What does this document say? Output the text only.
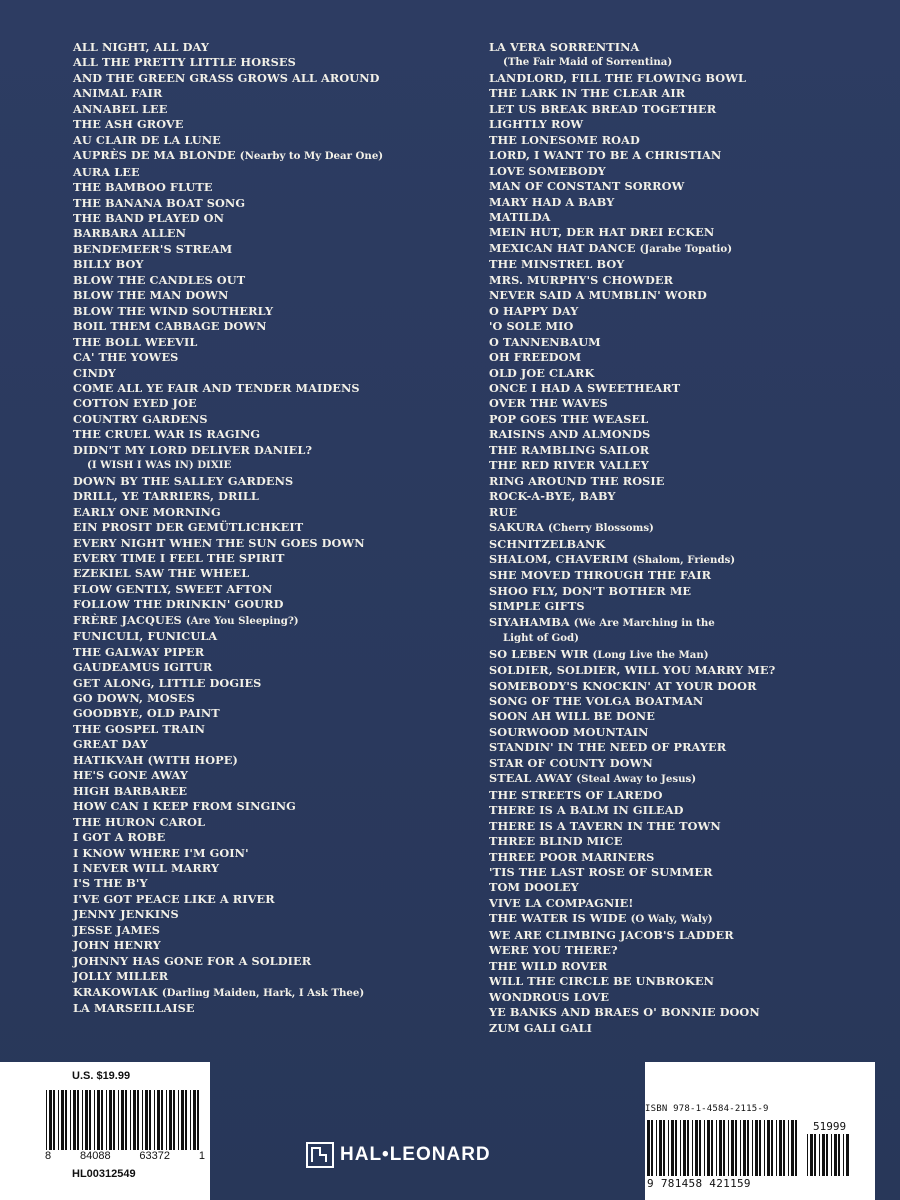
ALL NIGHT, ALL DAY
ALL THE PRETTY LITTLE HORSES
AND THE GREEN GRASS GROWS ALL AROUND
ANIMAL FAIR
ANNABEL LEE
THE ASH GROVE
AU CLAIR DE LA LUNE
AUPRÈS DE MA BLONDE (Nearby to My Dear One)
AURA LEE
THE BAMBOO FLUTE
THE BANANA BOAT SONG
THE BAND PLAYED ON
BARBARA ALLEN
BENDEMEER'S STREAM
BILLY BOY
BLOW THE CANDLES OUT
BLOW THE MAN DOWN
BLOW THE WIND SOUTHERLY
BOIL THEM CABBAGE DOWN
THE BOLL WEEVIL
CA' THE YOWES
CINDY
COME ALL YE FAIR AND TENDER MAIDENS
COTTON EYED JOE
COUNTRY GARDENS
THE CRUEL WAR IS RAGING
DIDN'T MY LORD DELIVER DANIEL?
(I WISH I WAS IN) DIXIE
DOWN BY THE SALLEY GARDENS
DRILL, YE TARRIERS, DRILL
EARLY ONE MORNING
EIN PROSIT DER GEMÜTLICHKEIT
EVERY NIGHT WHEN THE SUN GOES DOWN
EVERY TIME I FEEL THE SPIRIT
EZEKIEL SAW THE WHEEL
FLOW GENTLY, SWEET AFTON
FOLLOW THE DRINKIN' GOURD
FRÈRE JACQUES (Are You Sleeping?)
FUNICULI, FUNICULA
THE GALWAY PIPER
GAUDEAMUS IGITUR
GET ALONG, LITTLE DOGIES
GO DOWN, MOSES
GOODBYE, OLD PAINT
THE GOSPEL TRAIN
GREAT DAY
HATIKVAH (WITH HOPE)
HE'S GONE AWAY
HIGH BARBAREE
HOW CAN I KEEP FROM SINGING
THE HURON CAROL
I GOT A ROBE
I KNOW WHERE I'M GOIN'
I NEVER WILL MARRY
I'S THE B'Y
I'VE GOT PEACE LIKE A RIVER
JENNY JENKINS
JESSE JAMES
JOHN HENRY
JOHNNY HAS GONE FOR A SOLDIER
JOLLY MILLER
KRAKOWIAK (Darling Maiden, Hark, I Ask Thee)
LA MARSEILLAISE
LA VERA SORRENTINA
(The Fair Maid of Sorrentina)
LANDLORD, FILL THE FLOWING BOWL
THE LARK IN THE CLEAR AIR
LET US BREAK BREAD TOGETHER
LIGHTLY ROW
THE LONESOME ROAD
LORD, I WANT TO BE A CHRISTIAN
LOVE SOMEBODY
MAN OF CONSTANT SORROW
MARY HAD A BABY
MATILDA
MEIN HUT, DER HAT DREI ECKEN
MEXICAN HAT DANCE (Jarabe Topatio)
THE MINSTREL BOY
MRS. MURPHY'S CHOWDER
NEVER SAID A MUMBLIN' WORD
O HAPPY DAY
'O SOLE MIO
O TANNENBAUM
OH FREEDOM
OLD JOE CLARK
ONCE I HAD A SWEETHEART
OVER THE WAVES
POP GOES THE WEASEL
RAISINS AND ALMONDS
THE RAMBLING SAILOR
THE RED RIVER VALLEY
RING AROUND THE ROSIE
ROCK-A-BYE, BABY
RUE
SAKURA (Cherry Blossoms)
SCHNITZELBANK
SHALOM, CHAVERIM (Shalom, Friends)
SHE MOVED THROUGH THE FAIR
SHOO FLY, DON'T BOTHER ME
SIMPLE GIFTS
SIYAHAMBA (We Are Marching in the
Light of God)
SO LEBEN WIR (Long Live the Man)
SOLDIER, SOLDIER, WILL YOU MARRY ME?
SOMEBODY'S KNOCKIN' AT YOUR DOOR
SONG OF THE VOLGA BOATMAN
SOON AH WILL BE DONE
SOURWOOD MOUNTAIN
STANDIN' IN THE NEED OF PRAYER
STAR OF COUNTY DOWN
STEAL AWAY (Steal Away to Jesus)
THE STREETS OF LAREDO
THERE IS A BALM IN GILEAD
THERE IS A TAVERN IN THE TOWN
THREE BLIND MICE
THREE POOR MARINERS
'TIS THE LAST ROSE OF SUMMER
TOM DOOLEY
VIVE LA COMPAGNIE!
THE WATER IS WIDE (O Waly, Waly)
WE ARE CLIMBING JACOB'S LADDER
WERE YOU THERE?
THE WILD ROVER
WILL THE CIRCLE BE UNBROKEN
WONDROUS LOVE
YE BANKS AND BRAES O' BONNIE DOON
ZUM GALI GALI
U.S. $19.99
8	84088	63372	1
HL00312549
HAL•LEONARD
ISBN 978-1-4584-2115-9
51999
9 781458 421159
